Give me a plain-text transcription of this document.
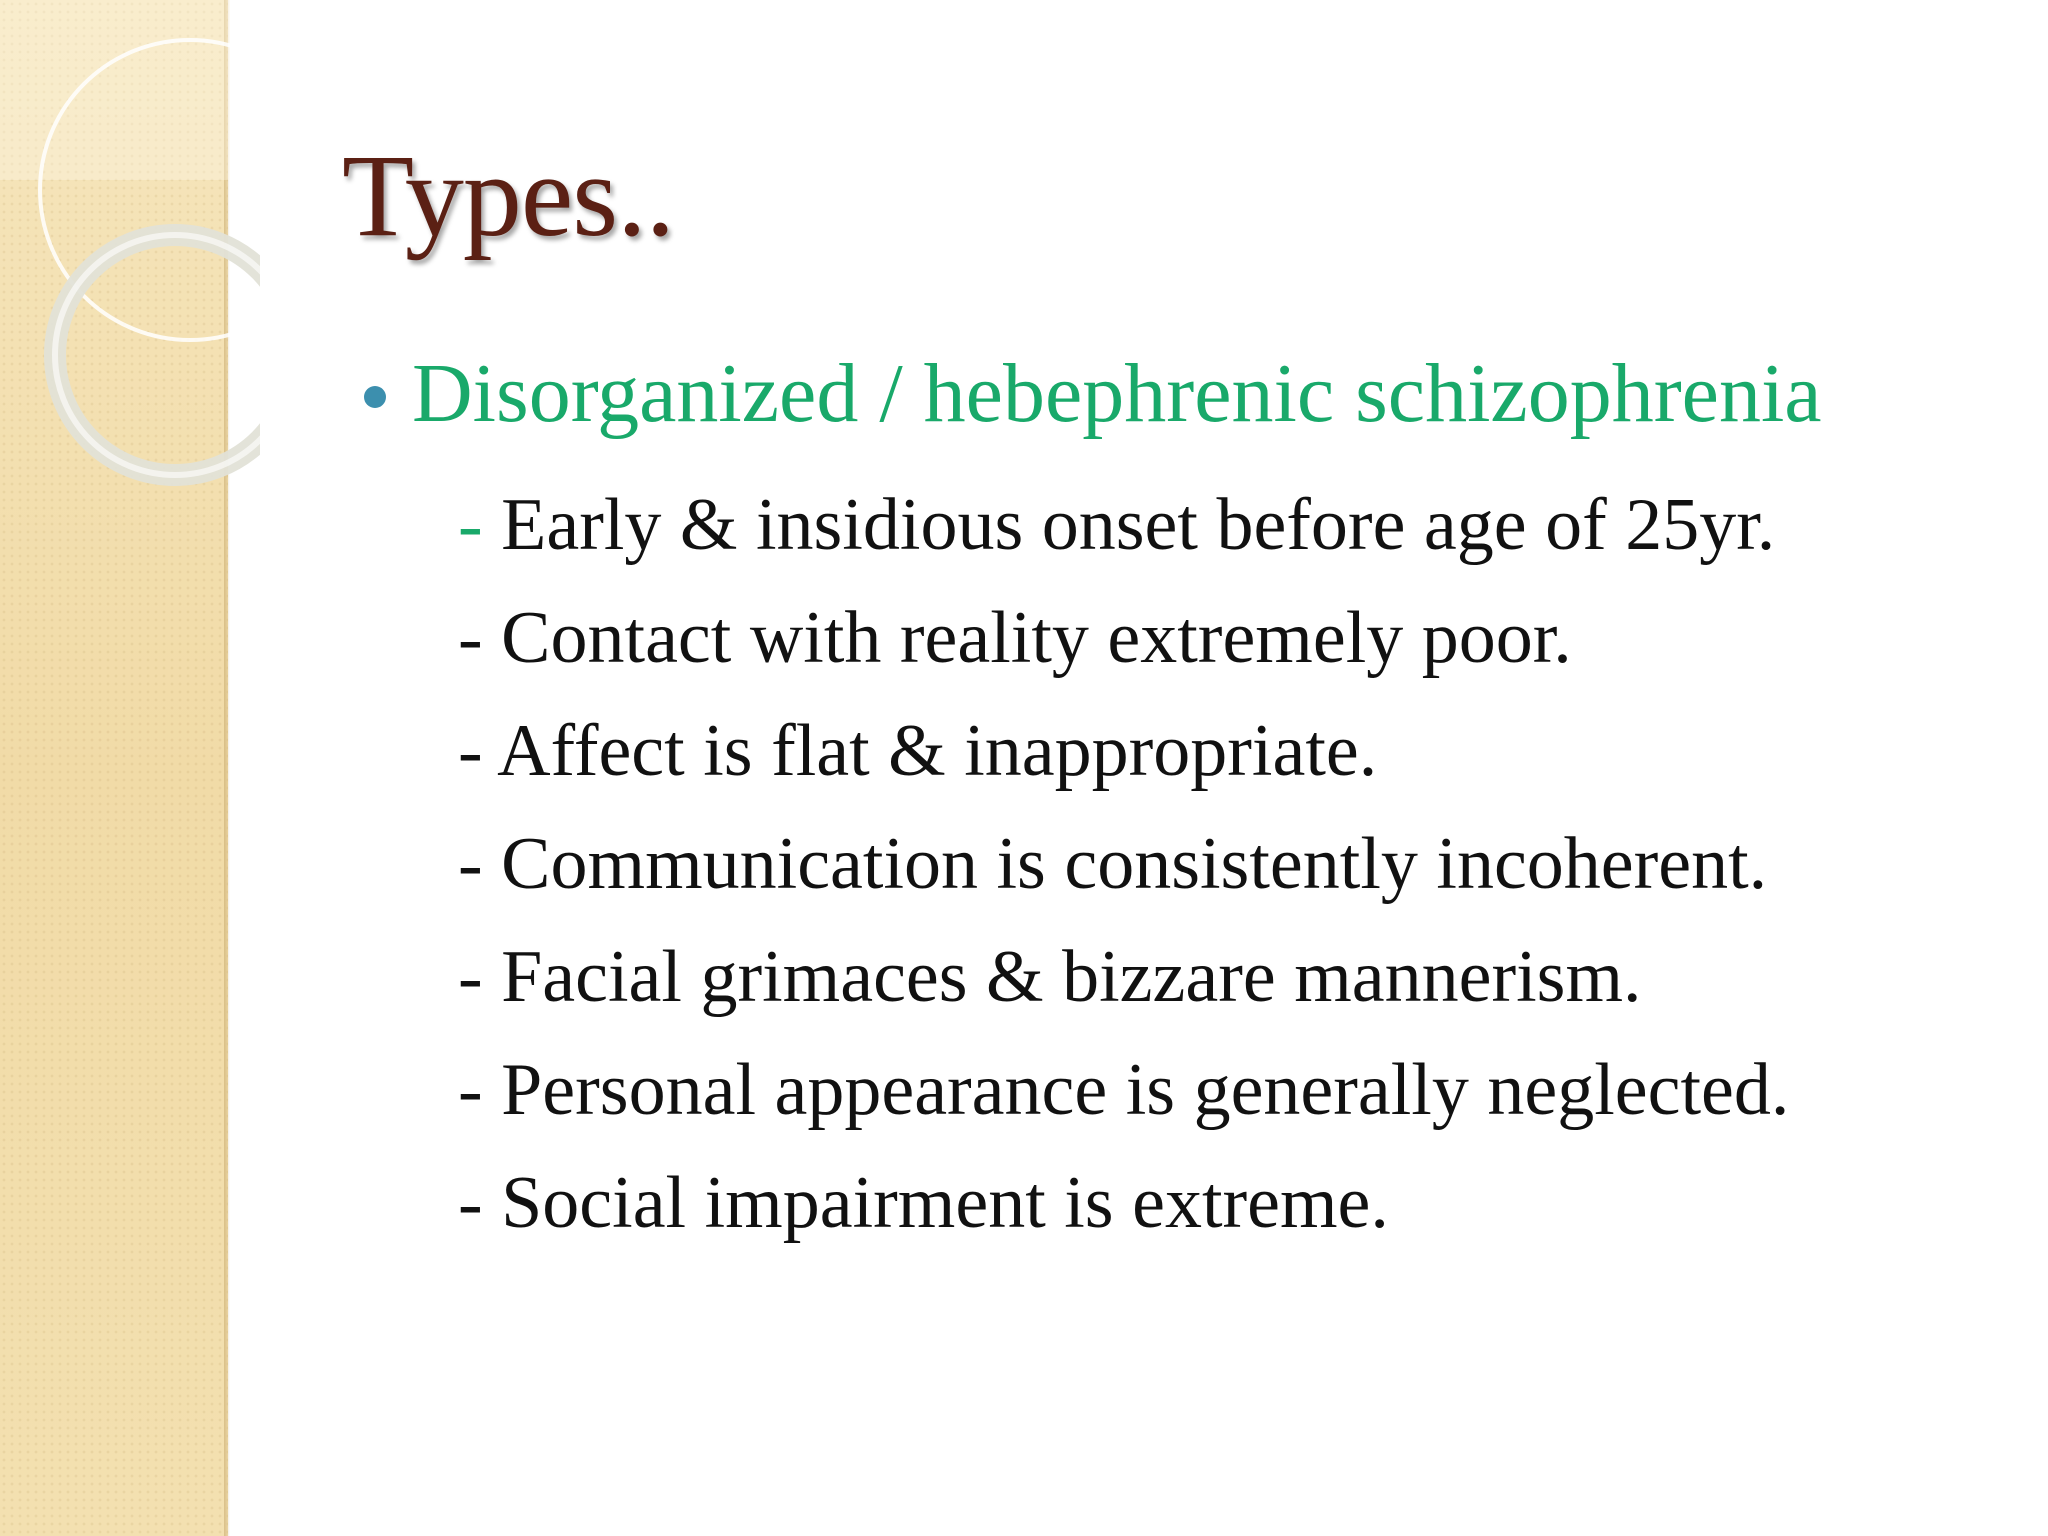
Types..
Disorganized / hebephrenic schizophrenia
- Early & insidious onset before age of 25yr.
- Contact with reality extremely poor.
- Affect is flat & inappropriate.
- Communication is consistently incoherent.
- Facial grimaces & bizzare mannerism.
- Personal appearance is generally neglected.
- Social impairment is extreme.
